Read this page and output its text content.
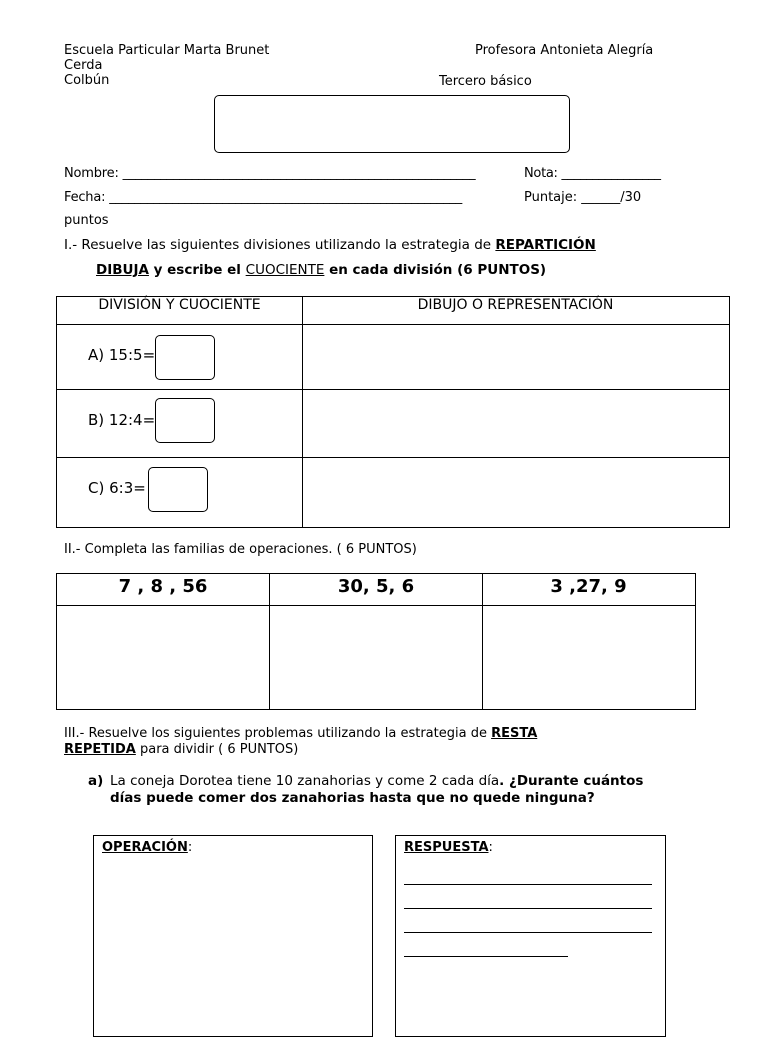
Escuela Particular Marta Brunet
Cerda
Colbún
Profesora Antonieta Alegría
Tercero básico
Nombre: ________________________________________________________	Nota: ________________
Fecha: ________________________________________________________	Puntaje: ______/30
puntos
I.- Resuelve las siguientes divisiones utilizando la estrategia de REPARTICIÓN
DIBUJA y escribe el CUOCIENTE en cada división (6 PUNTOS)
DIVISIÓN Y CUOCIENTE	DIBUJO O REPRESENTACIÓN
A) 15:5=
B) 12:4=
C) 6:3=
II.- Completa las familias de operaciones. ( 6 PUNTOS)
7 , 8 , 56	30, 5, 6	3 ,27, 9
III.- Resuelve los siguientes problemas utilizando la estrategia de RESTA
REPETIDA para dividir ( 6 PUNTOS)
a) La coneja Dorotea tiene 10 zanahorias y come 2 cada día. ¿Durante cuántos días puede comer dos zanahorias hasta que no quede ninguna?
OPERACIÓN:	RESPUESTA:
